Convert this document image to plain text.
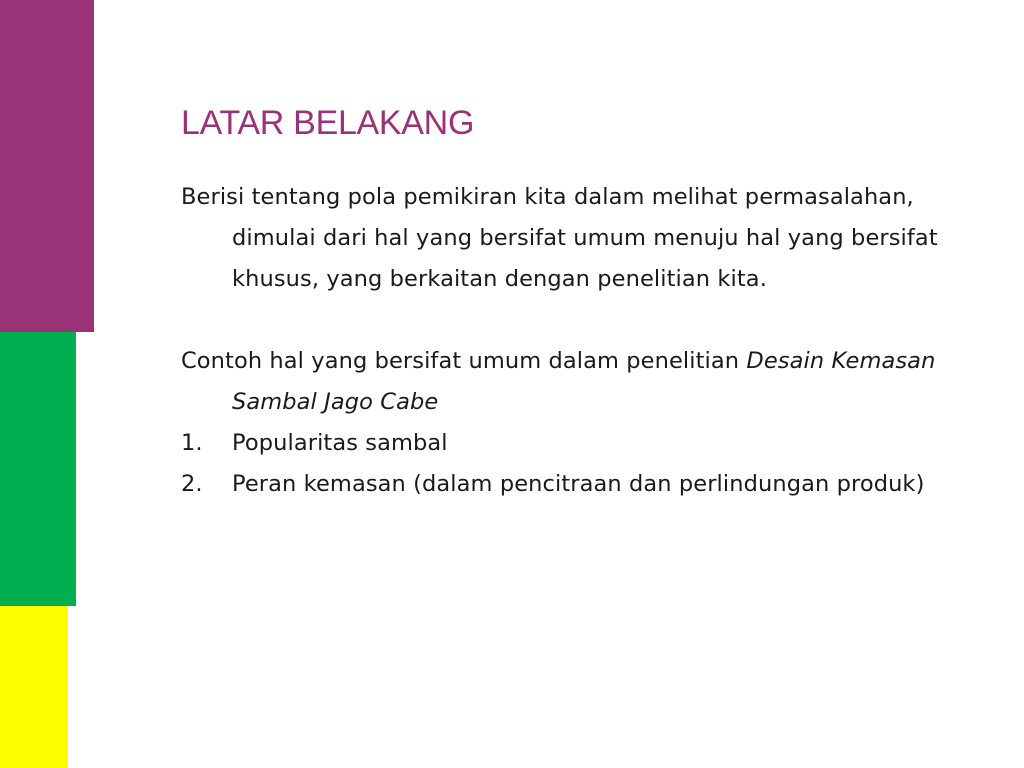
LATAR BELAKANG

Berisi tentang pola pemikiran kita dalam melihat permasalahan, dimulai dari hal yang bersifat umum menuju hal yang bersifat khusus, yang berkaitan dengan penelitian kita.

Contoh hal yang bersifat umum dalam penelitian Desain Kemasan Sambal Jago Cabe

1.	Popularitas sambal
2.	Peran kemasan (dalam pencitraan dan perlindungan produk)
